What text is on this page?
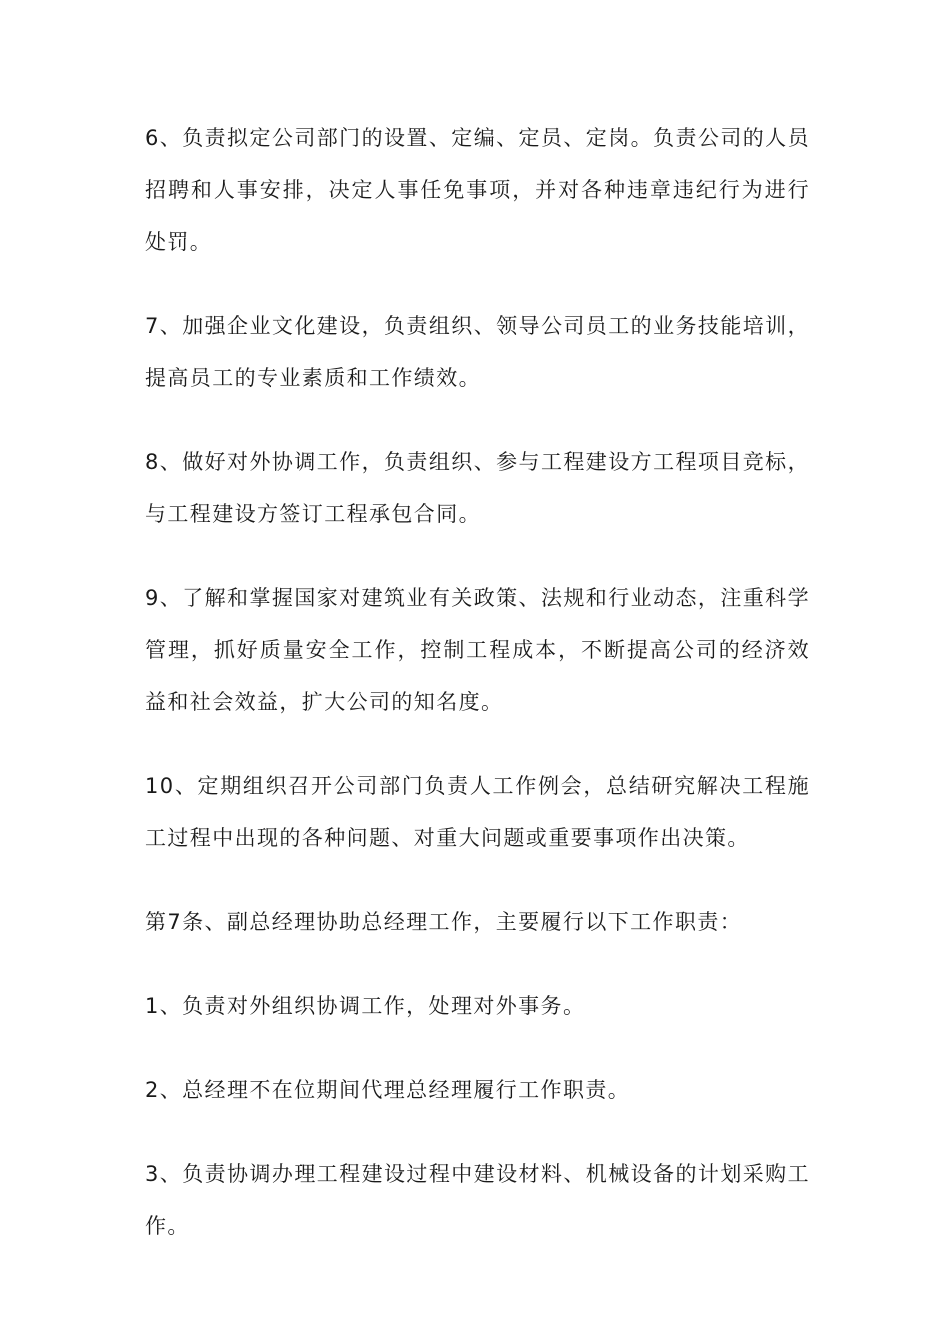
6、负责拟定公司部门的设置、定编、定员、定岗。负责公司的人员招聘和人事安排，决定人事任免事项，并对各种违章违纪行为进行处罚。

7、加强企业文化建设，负责组织、领导公司员工的业务技能培训，提高员工的专业素质和工作绩效。

8、做好对外协调工作，负责组织、参与工程建设方工程项目竞标，与工程建设方签订工程承包合同。

9、了解和掌握国家对建筑业有关政策、法规和行业动态，注重科学管理，抓好质量安全工作，控制工程成本，不断提高公司的经济效益和社会效益，扩大公司的知名度。

10、定期组织召开公司部门负责人工作例会，总结研究解决工程施工过程中出现的各种问题、对重大问题或重要事项作出决策。

第7条、副总经理协助总经理工作，主要履行以下工作职责：

1、负责对外组织协调工作，处理对外事务。

2、总经理不在位期间代理总经理履行工作职责。

3、负责协调办理工程建设过程中建设材料、机械设备的计划采购工作。
